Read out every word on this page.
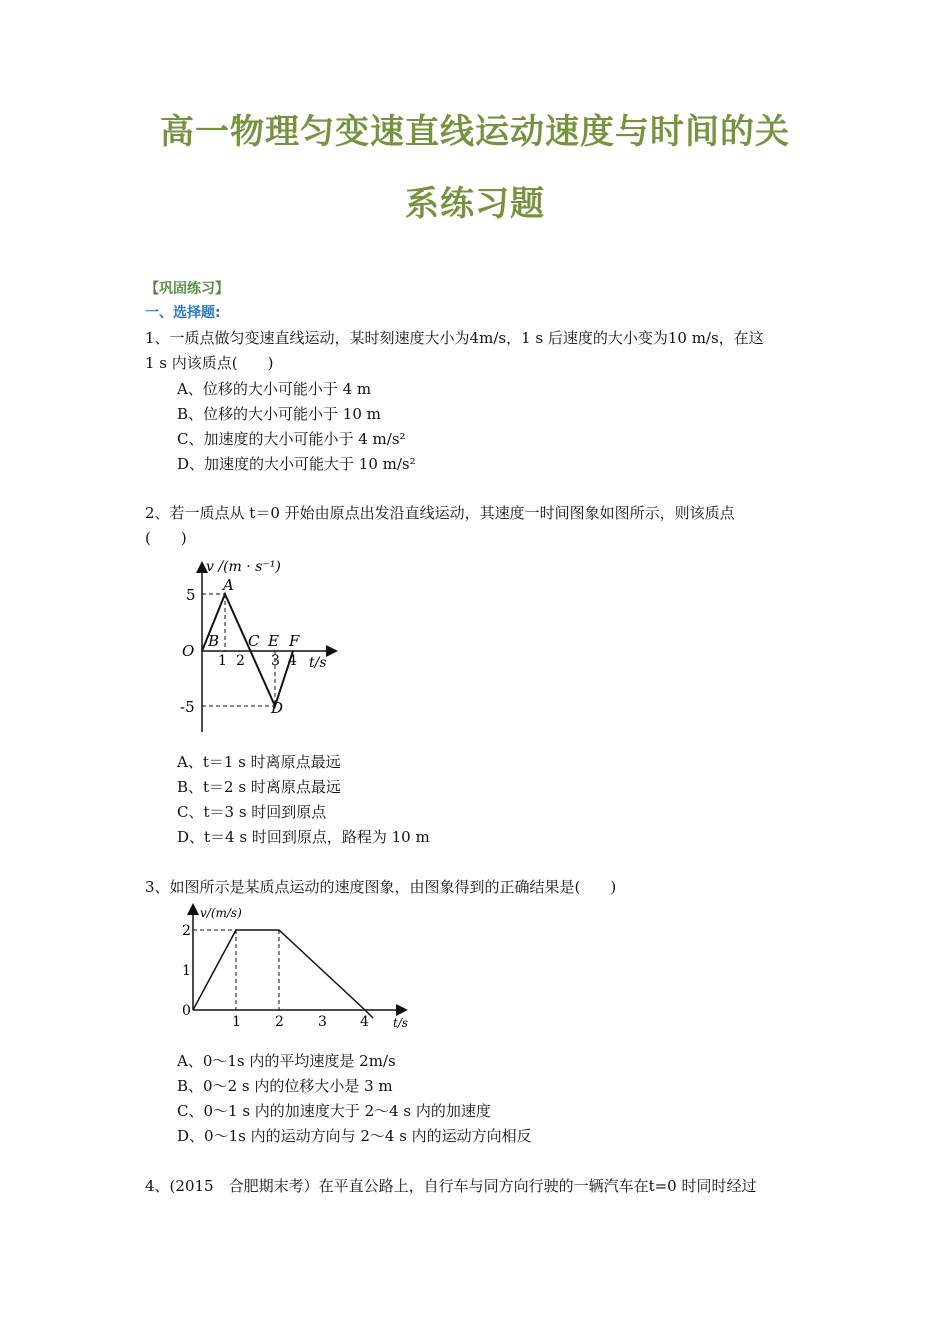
高一物理匀变速直线运动速度与时间的关
系练习题
【巩固练习】
一、选择题:
1、一质点做匀变速直线运动，某时刻速度大小为4m/s，1 s 后速度的大小变为10 m/s，在这
1 s 内该质点(　　)
A、位移的大小可能小于 4 m
B、位移的大小可能小于 10 m
C、加速度的大小可能小于 4 m/s²
D、加速度的大小可能大于 10 m/s²
2、若一质点从 t＝0 开始由原点出发沿直线运动，其速度一时间图象如图所示，则该质点
(　　)
v /(m · s⁻¹)
t/s
O
5
-5
1 2 3 4
A
B C
D
E F
A、t＝1 s 时离原点最远
B、t＝2 s 时离原点最远
C、t＝3 s 时回到原点
D、t＝4 s 时回到原点，路程为 10 m
3、如图所示是某质点运动的速度图象，由图象得到的正确结果是(　　)
v/(m/s)
t/s
2
1
0
1 2 3 4
A、0～1s 内的平均速度是 2m/s
B、0～2 s 内的位移大小是 3 m
C、0～1 s 内的加速度大于 2～4 s 内的加速度
D、0～1s 内的运动方向与 2～4 s 内的运动方向相反
4、(2015　合肥期末考）在平直公路上，自行车与同方向行驶的一辆汽车在t=0 时同时经过
